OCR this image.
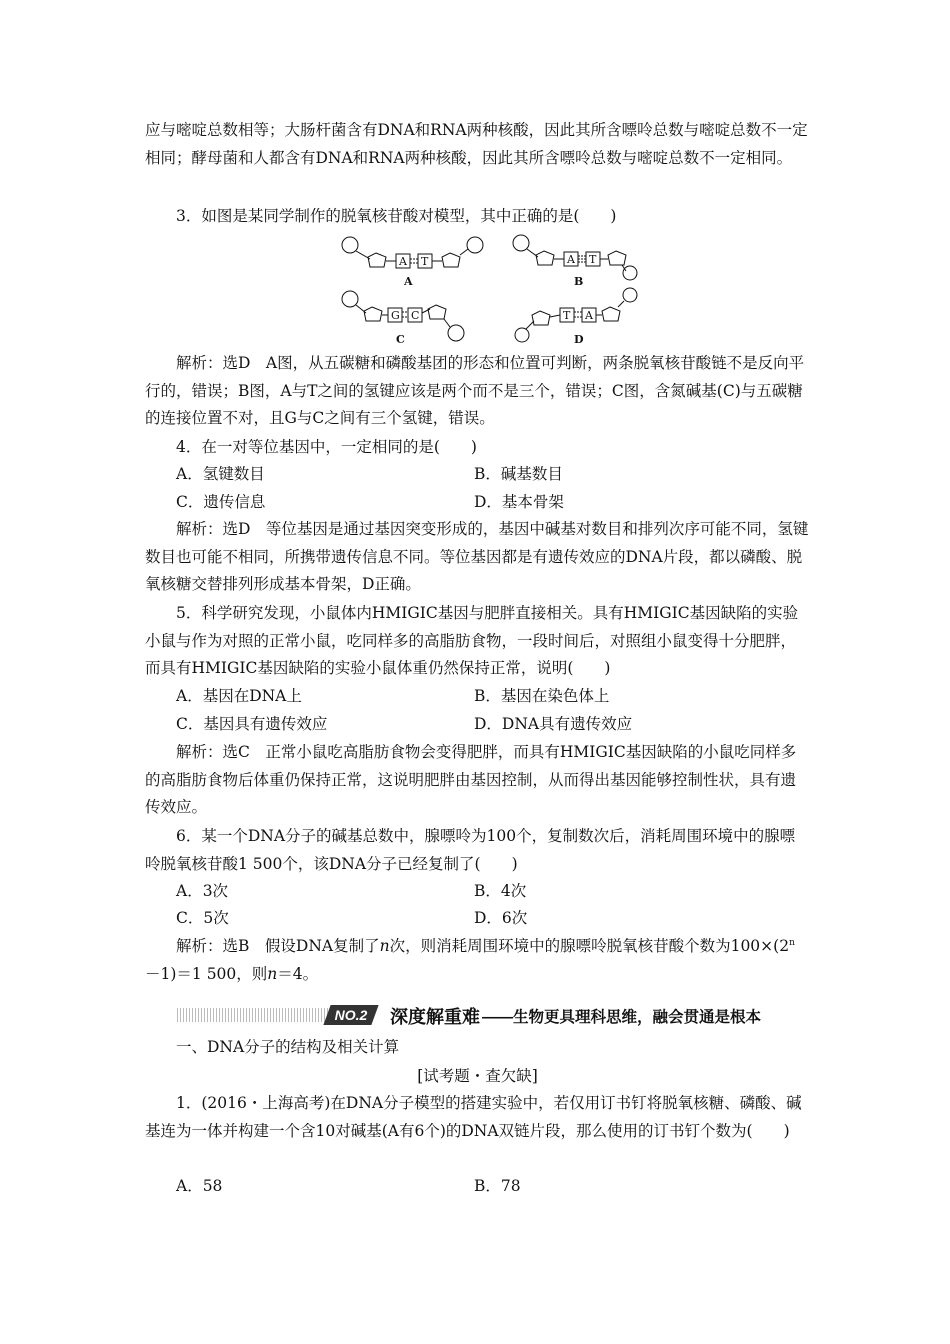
应与嘧啶总数相等；大肠杆菌含有DNA和RNA两种核酸，因此其所含嘌呤总数与嘧啶总数不一定相同；酵母菌和人都含有DNA和RNA两种核酸，因此其所含嘌呤总数与嘧啶总数不一定相同。

3．如图是某同学制作的脱氧核苷酸对模型，其中正确的是(　　)

A T
A
A T
B
G C
C
T A
D

解析：选D　A图，从五碳糖和磷酸基团的形态和位置可判断，两条脱氧核苷酸链不是反向平行的，错误；B图，A与T之间的氢键应该是两个而不是三个，错误；C图，含氮碱基(C)与五碳糖的连接位置不对，且G与C之间有三个氢键，错误。

4．在一对等位基因中，一定相同的是(　　)

A．氢键数目	B．碱基数目
C．遗传信息	D．基本骨架

解析：选D　等位基因是通过基因突变形成的，基因中碱基对数目和排列次序可能不同，氢键数目也可能不相同，所携带遗传信息不同。等位基因都是有遗传效应的DNA片段，都以磷酸、脱氧核糖交替排列形成基本骨架，D正确。

5．科学研究发现，小鼠体内HMIGIC基因与肥胖直接相关。具有HMIGIC基因缺陷的实验小鼠与作为对照的正常小鼠，吃同样多的高脂肪食物，一段时间后，对照组小鼠变得十分肥胖，而具有HMIGIC基因缺陷的实验小鼠体重仍然保持正常，说明(　　)

A．基因在DNA上	B．基因在染色体上
C．基因具有遗传效应	D．DNA具有遗传效应

解析：选C　正常小鼠吃高脂肪食物会变得肥胖，而具有HMIGIC基因缺陷的小鼠吃同样多的高脂肪食物后体重仍保持正常，这说明肥胖由基因控制，从而得出基因能够控制性状，具有遗传效应。

6．某一个DNA分子的碱基总数中，腺嘌呤为100个，复制数次后，消耗周围环境中的腺嘌呤脱氧核苷酸1 500个，该DNA分子已经复制了(　　)

A．3次	B．4次
C．5次	D．6次

解析：选B　假设DNA复制了n次，则消耗周围环境中的腺嘌呤脱氧核苷酸个数为$100\times(2^n-1)=1$ 500，则n＝4。

NO.2	深度解重难 ——生物更具理科思维，融会贯通是根本

一、DNA分子的结构及相关计算

[试考题・查欠缺]

1．(2016・上海高考)在DNA分子模型的搭建实验中，若仅用订书钉将脱氧核糖、磷酸、碱基连为一体并构建一个含10对碱基(A有6个)的DNA双链片段，那么使用的订书钉个数为(　　)

A．58	B．78
